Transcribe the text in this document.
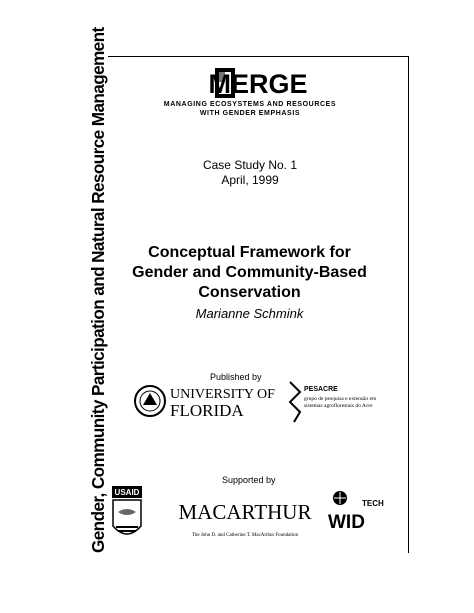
Gender, Community Participation and Natural Resource Management	MERGE
MANAGING ECOSYSTEMS AND RESOURCES
WITH GENDER EMPHASIS
Case Study No. 1
April, 1999
Conceptual Framework for
Gender and Community-Based
Conservation
Marianne Schmink
Published by
UNIVERSITY OF
FLORIDA
PESACRE
grupo de pesquisa e extensão em
sistemas agroflorestais do Acre
Supported by
USAID
MACARTHUR
The John D. and Catherine T. MacArthur Foundation
WID
TECH
